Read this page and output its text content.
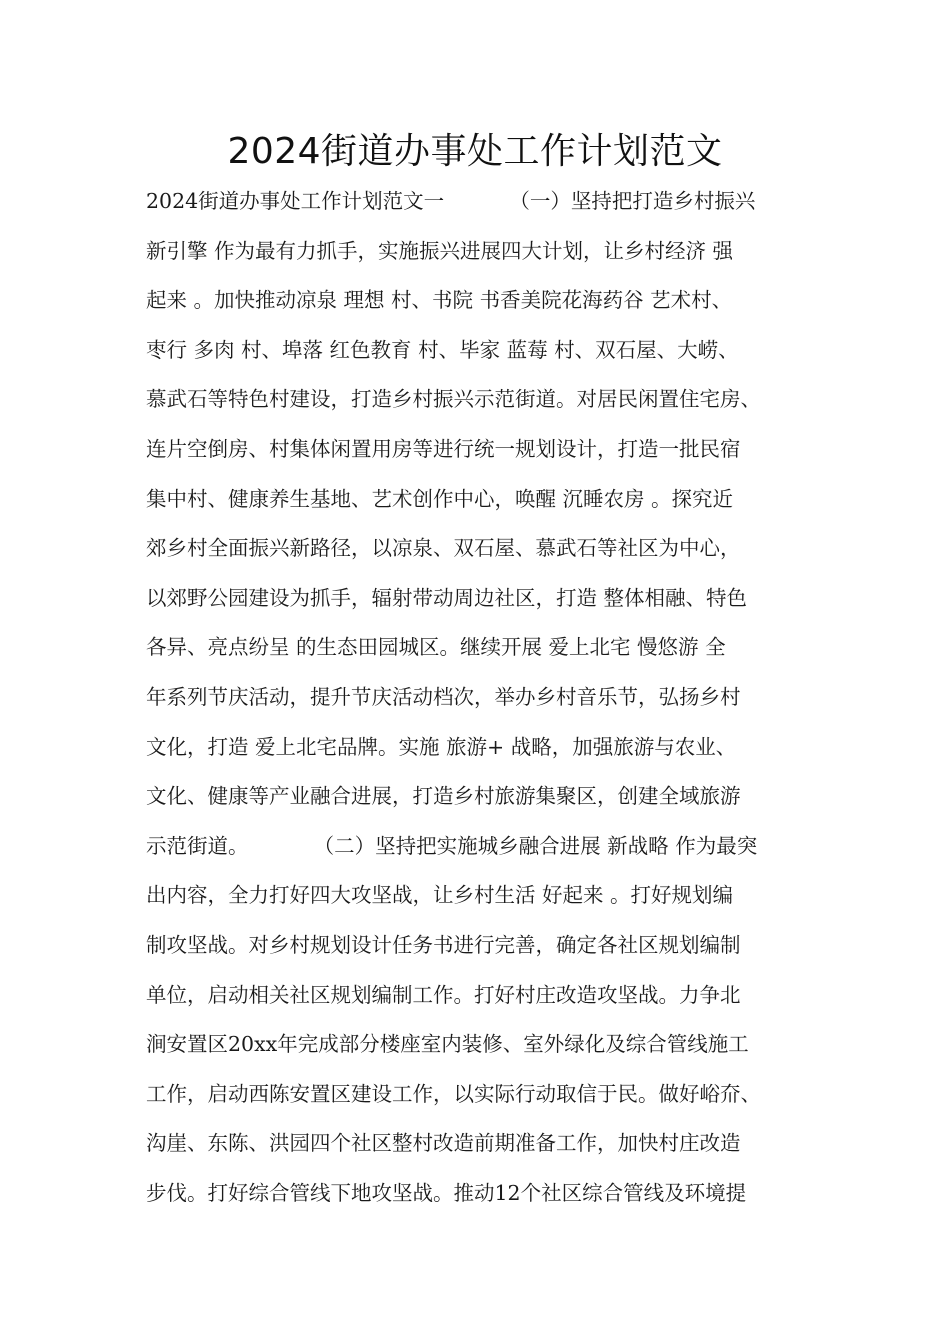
2024街道办事处工作计划范文
2024街道办事处工作计划范文一          （一）坚持把打造乡村振兴
新引擎 作为最有力抓手，实施振兴进展四大计划，让乡村经济 强
起来 。加快推动凉泉 理想 村、书院 书香美院花海药谷 艺术村、
枣行 多肉 村、埠落 红色教育 村、毕家 蓝莓 村、双石屋、大崂、
慕武石等特色村建设，打造乡村振兴示范街道。对居民闲置住宅房、
连片空倒房、村集体闲置用房等进行统一规划设计，打造一批民宿
集中村、健康养生基地、艺术创作中心，唤醒 沉睡农房 。探究近
郊乡村全面振兴新路径，以凉泉、双石屋、慕武石等社区为中心，
以郊野公园建设为抓手，辐射带动周边社区，打造 整体相融、特色
各异、亮点纷呈 的生态田园城区。继续开展 爱上北宅 慢悠游 全
年系列节庆活动，提升节庆活动档次，举办乡村音乐节，弘扬乡村
文化，打造 爱上北宅品牌。实施 旅游+ 战略，加强旅游与农业、
文化、健康等产业融合进展，打造乡村旅游集聚区，创建全域旅游
示范街道。          （二）坚持把实施城乡融合进展 新战略 作为最突
出内容，全力打好四大攻坚战，让乡村生活 好起来 。打好规划编
制攻坚战。对乡村规划设计任务书进行完善，确定各社区规划编制
单位，启动相关社区规划编制工作。打好村庄改造攻坚战。力争北
涧安置区20xx年完成部分楼座室内装修、室外绿化及综合管线施工
工作，启动西陈安置区建设工作，以实际行动取信于民。做好峪夼、
沟崖、东陈、洪园四个社区整村改造前期准备工作，加快村庄改造
步伐。打好综合管线下地攻坚战。推动12个社区综合管线及环境提
